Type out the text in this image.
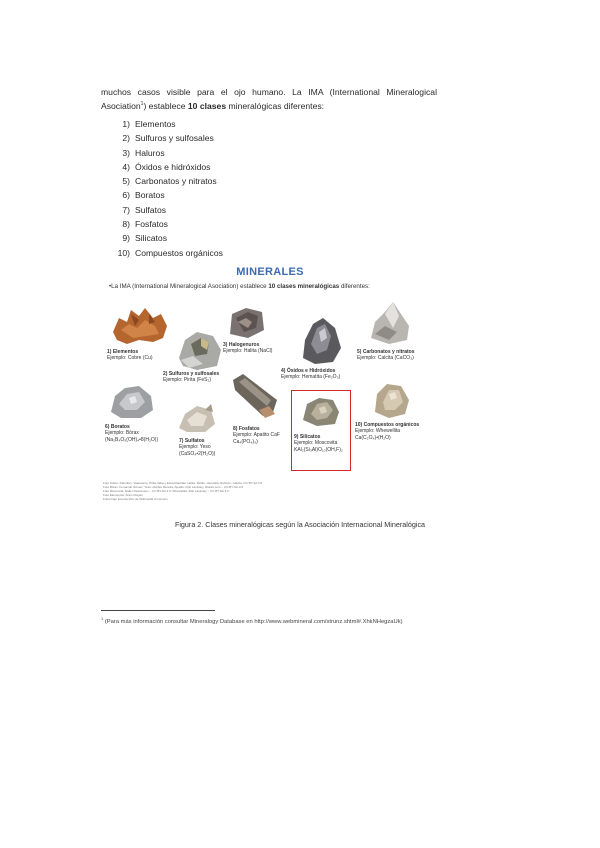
muchos casos visible para el ojo humano. La IMA (International Mineralogical Asociation$^1$) establece 10 clases mineralógicas diferentes:
1) Elementos
2) Sulfuros y sulfosales
3) Haluros
4) Óxidos e hidróxidos
5) Carbonatos y nitratos
6) Boratos
7) Sulfatos
8) Fosfatos
9) Silicatos
10) Compuestos orgánicos
MINERALES
•La IMA (International Mineralogical Asociation) establece 10 clases mineralógicas diferentes:
1) Elementos
Ejemplo: Cobre (Cu)
2) Sulfuros y sulfosales
Ejemplo: Pirita (FeS₂)
3) Halogenuros
Ejemplo: Halita (NaCl)
4) Óxidos e Hidróxidos
Ejemplo: Hematita (Fe₂O₃)
5) Carbonatos y nitratos
Ejemplo: Calcita (CaCO₃)
6) Boratos
Ejemplo: Bórax
(Na₂B₄O₅(OH)₄•8(H₂O))	7) Sulfatos
Ejemplo: Yeso
(CaSO₄•2(H₂O))
8) Fosfatos
Ejemplo: Apatito CaF
Ca₄(PO₄)₃)
9) Silicatos
Ejemplo: Moscovita
KAl₂(Si₃Al)O₁₀(OH,F)₂
10) Compuestos orgánicos
Ejemplo: Whewellita
Ca(C₂O₄)•(H₂O)
Foto Cobre: Ramdlon; Vlasceanu; Pirita: Ilkka y Eeva Rauhala; Halita: Ra'ike; Hematita: Roberto; Calcita: CC BY-SA 3.0
Foto Bórax: Fernando Gómez; Yeso: Alcides Moreira; Apatito: Rob Lavinsky, iRocks.com – CC-BY-SA-3.0
Foto Moscovita: Didier Descouens – CC BY-SA 4.0; Whewellita: Rob Lavinsky – CC BY-SA 3.0
Foto Elementos: Aram Dulyan
Fotos bajo licencia libre de Wikimedia Commons
Figura 2. Clases mineralógicas según la Asociación Internacional Mineralógica
$^1$ (Para más información consultar Mineralogy Database en http://www.webmineral.com/strunz.shtml#.XhkNHegzaUk)
